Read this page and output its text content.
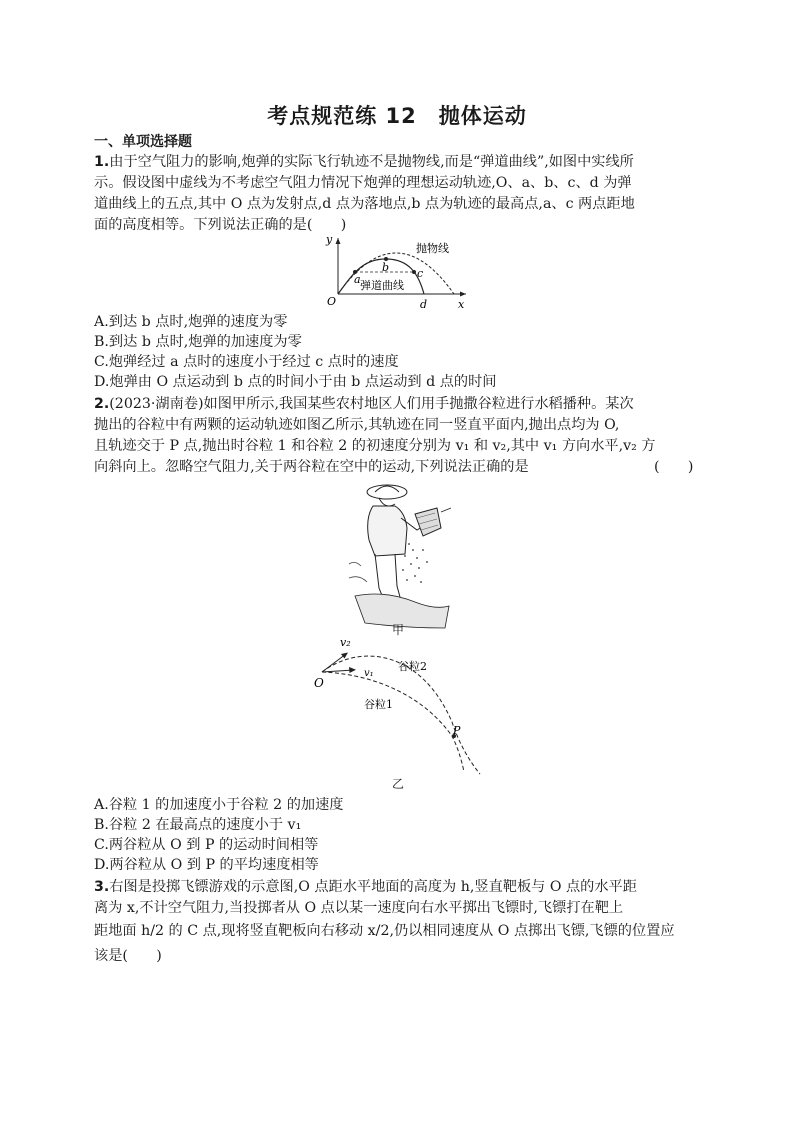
考点规范练 12　抛体运动
一、单项选择题
1.由于空气阻力的影响,炮弹的实际飞行轨迹不是抛物线,而是“弹道曲线”,如图中实线所
示。假设图中虚线为不考虑空气阻力情况下炮弹的理想运动轨迹,O、a、b、c、d 为弹
道曲线上的五点,其中 O 点为发射点,d 点为落地点,b 点为轨迹的最高点,a、c 两点距地
面的高度相等。下列说法正确的是(　　)
y
x
O
a
b	c
d
抛物线
弹道曲线
A.到达 b 点时,炮弹的速度为零
B.到达 b 点时,炮弹的加速度为零
C.炮弹经过 a 点时的速度小于经过 c 点时的速度
D.炮弹由 O 点运动到 b 点的时间小于由 b 点运动到 d 点的时间
2.(2023·湖南卷)如图甲所示,我国某些农村地区人们用手抛撒谷粒进行水稻播种。某次
抛出的谷粒中有两颗的运动轨迹如图乙所示,其轨迹在同一竖直平面内,抛出点均为 O,
且轨迹交于 P 点,抛出时谷粒 1 和谷粒 2 的初速度分别为 v₁ 和 v₂,其中 v₁ 方向水平,v₂ 方
向斜向上。忽略空气阻力,关于两谷粒在空中的运动,下列说法正确的是	(　　)
甲
v₂
v₁
O
谷粒2
谷粒1
P
乙
A.谷粒 1 的加速度小于谷粒 2 的加速度
B.谷粒 2 在最高点的速度小于 v₁
C.两谷粒从 O 到 P 的运动时间相等
D.两谷粒从 O 到 P 的平均速度相等
3.右图是投掷飞镖游戏的示意图,O 点距水平地面的高度为 h,竖直靶板与 O 点的水平距
离为 x,不计空气阻力,当投掷者从 O 点以某一速度向右水平掷出飞镖时,飞镖打在靶上
距地面 h/2 的 C 点,现将竖直靶板向右移动 x/2,仍以相同速度从 O 点掷出飞镖,飞镖的位置应
该是(　　)
